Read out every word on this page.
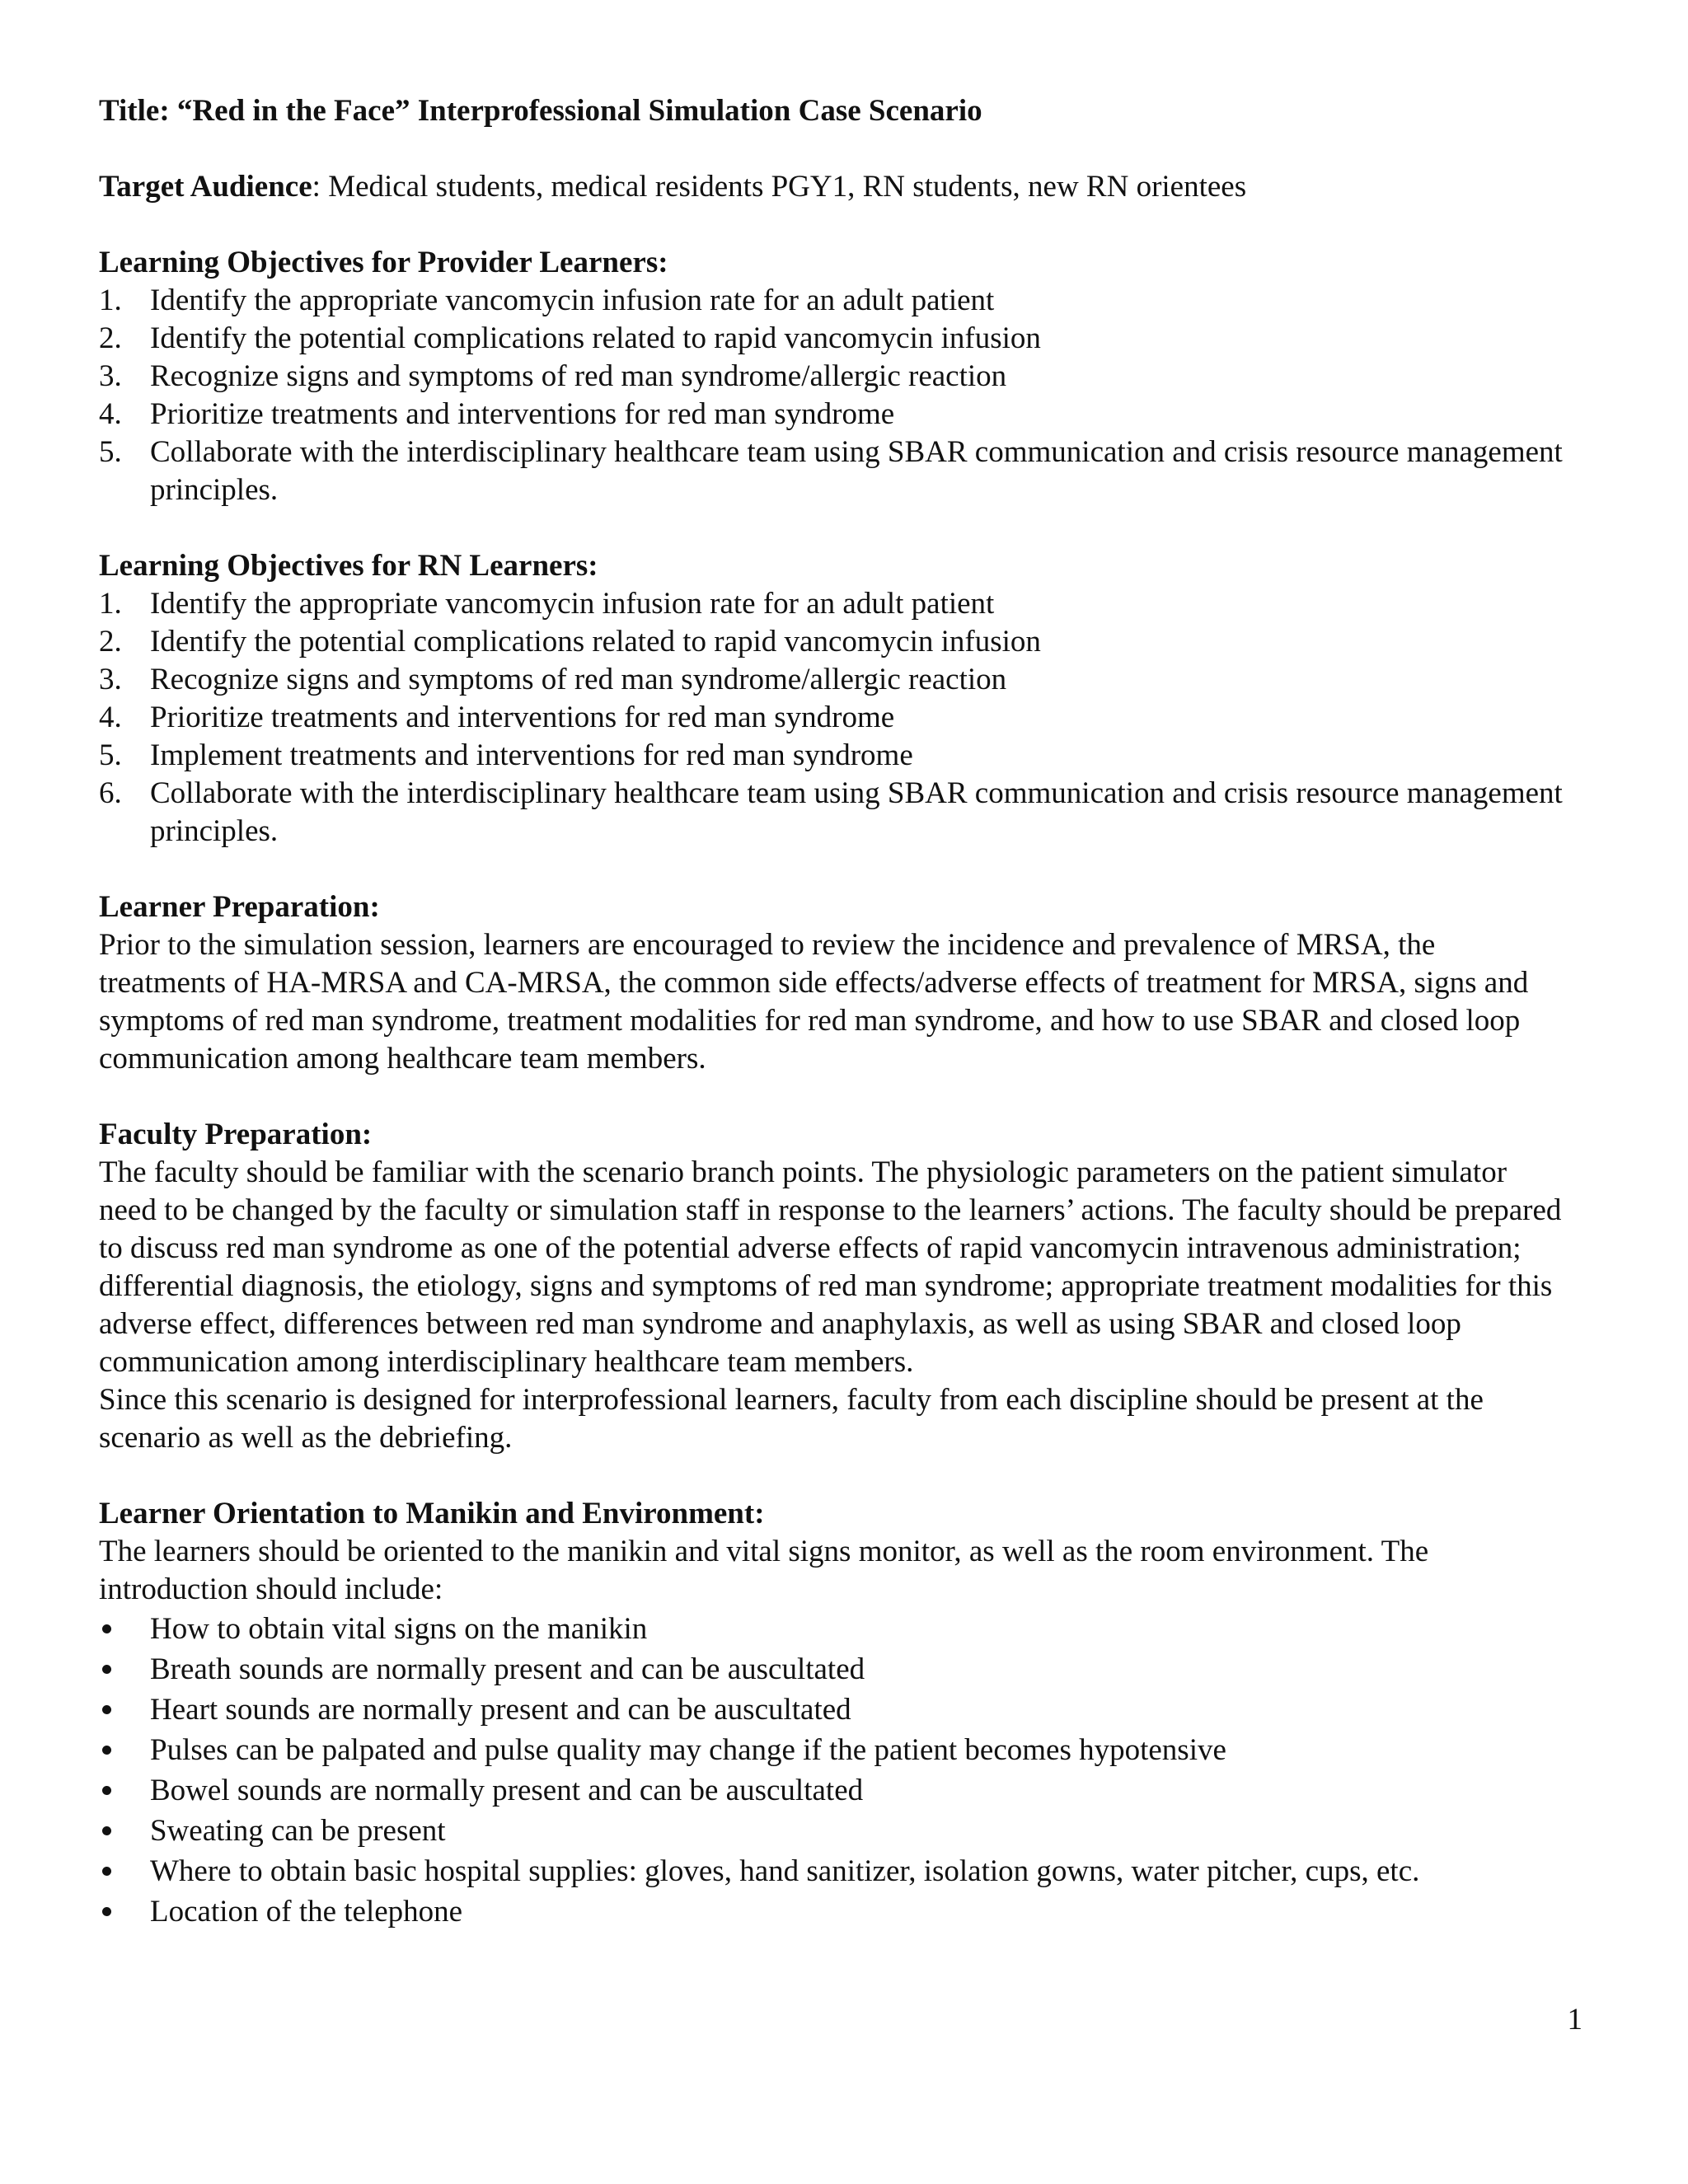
Title: “Red in the Face” Interprofessional Simulation Case Scenario

Target Audience: Medical students, medical residents PGY1, RN students, new RN orientees

Learning Objectives for Provider Learners:

1. Identify the appropriate vancomycin infusion rate for an adult patient
2. Identify the potential complications related to rapid vancomycin infusion
3. Recognize signs and symptoms of red man syndrome/allergic reaction
4. Prioritize treatments and interventions for red man syndrome
5. Collaborate with the interdisciplinary healthcare team using SBAR communication and crisis resource management principles.

Learning Objectives for RN Learners:

1. Identify the appropriate vancomycin infusion rate for an adult patient
2. Identify the potential complications related to rapid vancomycin infusion
3. Recognize signs and symptoms of red man syndrome/allergic reaction
4. Prioritize treatments and interventions for red man syndrome
5. Implement treatments and interventions for red man syndrome
6. Collaborate with the interdisciplinary healthcare team using SBAR communication and crisis resource management principles.

Learner Preparation:

Prior to the simulation session, learners are encouraged to review the incidence and prevalence of MRSA, the treatments of HA-MRSA and CA-MRSA, the common side effects/adverse effects of treatment for MRSA, signs and symptoms of red man syndrome, treatment modalities for red man syndrome, and how to use SBAR and closed loop communication among healthcare team members.

Faculty Preparation:

The faculty should be familiar with the scenario branch points. The physiologic parameters on the patient simulator need to be changed by the faculty or simulation staff in response to the learners’ actions. The faculty should be prepared to discuss red man syndrome as one of the potential adverse effects of rapid vancomycin intravenous administration; differential diagnosis, the etiology, signs and symptoms of red man syndrome; appropriate treatment modalities for this adverse effect, differences between red man syndrome and anaphylaxis, as well as using SBAR and closed loop communication among interdisciplinary healthcare team members.

Since this scenario is designed for interprofessional learners, faculty from each discipline should be present at the scenario as well as the debriefing.

Learner Orientation to Manikin and Environment:

The learners should be oriented to the manikin and vital signs monitor, as well as the room environment. The introduction should include:

How to obtain vital signs on the manikin
Breath sounds are normally present and can be auscultated
Heart sounds are normally present and can be auscultated
Pulses can be palpated and pulse quality may change if the patient becomes hypotensive
Bowel sounds are normally present and can be auscultated
Sweating can be present
Where to obtain basic hospital supplies: gloves, hand sanitizer, isolation gowns, water pitcher, cups, etc.
Location of the telephone
1
